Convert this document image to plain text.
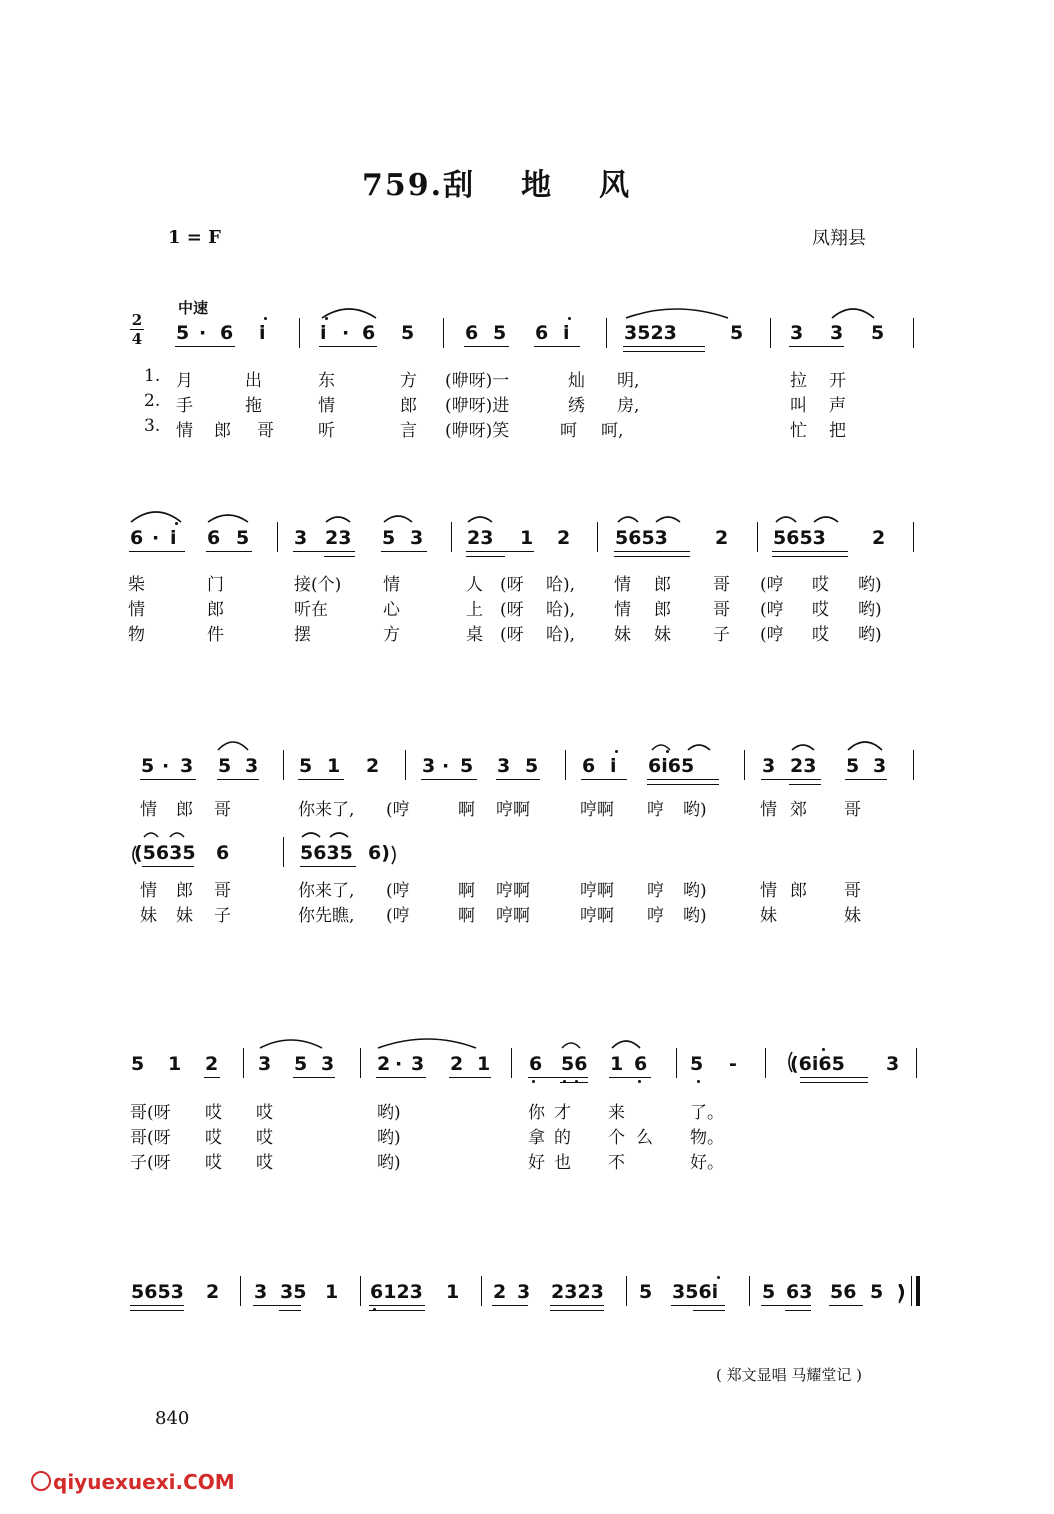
759.刮 地 风
1 = F	凤翔县
中速
2
4 5 · 6 i	i · 6 5	6 5 6 i	3523	5 3 3 5
1. 月	出	东	方 (咿呀)一	灿 明,	拉 开
2. 手	拖	情	郎 (咿呀)进	绣 房,	叫 声
3. 情 郎 哥	听	言 (咿呀)笑	呵 呵,	忙 把
6 · i 6 5 3 23 5 3 23 1 2 5653 2 5653 2
柴	门	接(个) 情	人 (呀 哈), 情 郎 哥 (哼 哎 哟)
情	郎	听在	心	上 (呀 哈), 情 郎 哥 (哼 哎 哟)
物	件	摆	方	桌 (呀 哈), 妹 妹 子 (哼 哎 哟)
5 · 3 5 3 5 1 2 3 · 5 3 5 6 i 6i65	3 23 5 3
情 郎 哥	你来了, (哼	啊 哼啊	哼啊 哼 哟)	情 郊 哥
(5635 6	5635 6)
情 郎 哥	你来了, (哼	啊 哼啊	哼啊 哼 哟)	情 郎 哥
妹 妹 子	你先瞧, (哼	啊 哼啊	哼啊 哼 哟)	妹	妹
5 1 2 3 5 3 2 · 3 2 1 6 56 1 6 5 -	(6i65 3
哥(呀 哎 哎	哟)	你 才 来	了。
哥(呀 哎 哎	哟)	拿 的 个 么 物。
子(呀 哎 哎	哟)	好 也 不	好。
5653 2 3 35 1 6123 1 2 3 2323 5 356i 5 63 56 5 )
( 郑文显唱 马耀堂记 )
840
qiyuexuexi.COM
